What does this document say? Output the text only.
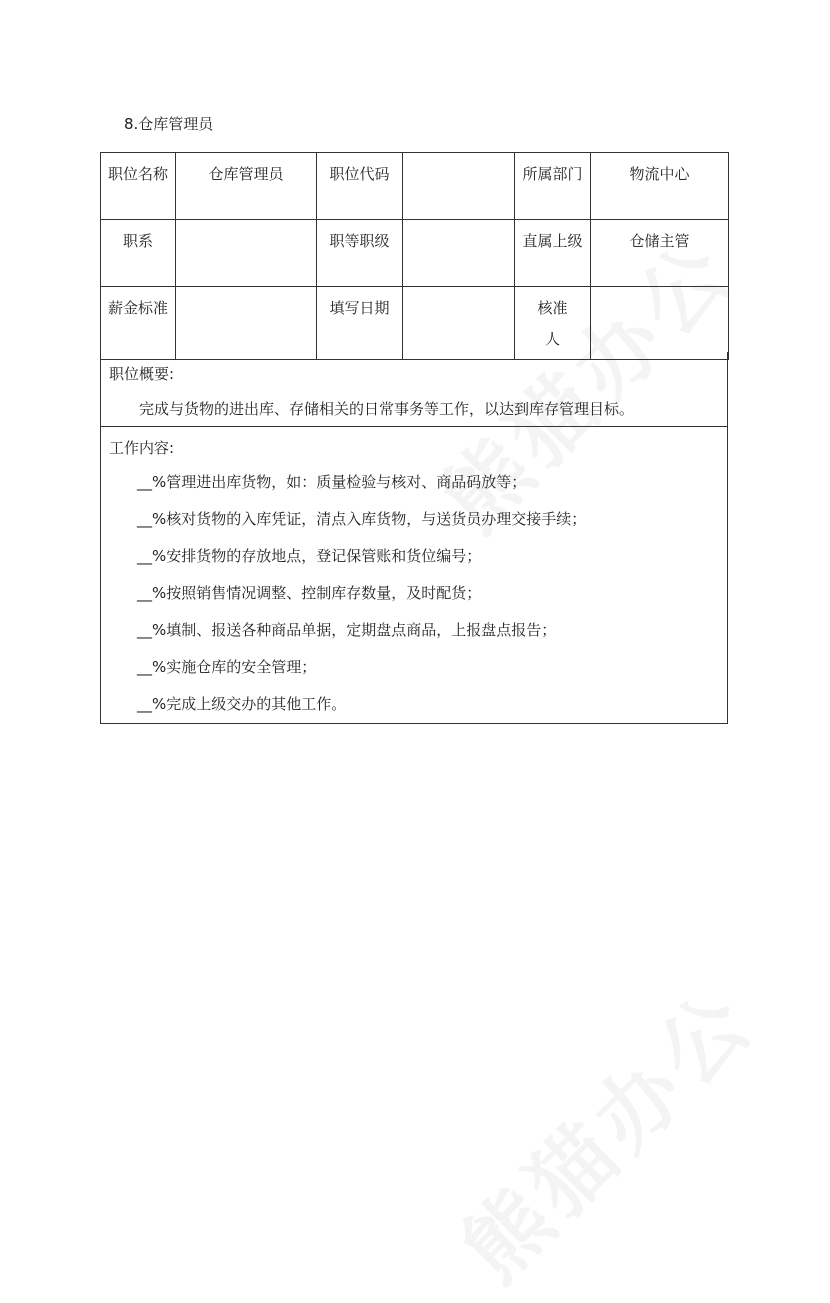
8.仓库管理员
职位名称	仓库管理员	职位代码		所属部门	物流中心
职系		职等职级		直属上级	仓储主管
薪金标准		填写日期		核准人	
职位概要:
完成与货物的进出库、存储相关的日常事务等工作，以达到库存管理目标。
工作内容:
__%管理进出库货物，如：质量检验与核对、商品码放等；
__%核对货物的入库凭证，清点入库货物，与送货员办理交接手续；
__%安排货物的存放地点，登记保管账和货位编号；
__%按照销售情况调整、控制库存数量，及时配货；
__%填制、报送各种商品单据，定期盘点商品，上报盘点报告；
__%实施仓库的安全管理；
__%完成上级交办的其他工作。
